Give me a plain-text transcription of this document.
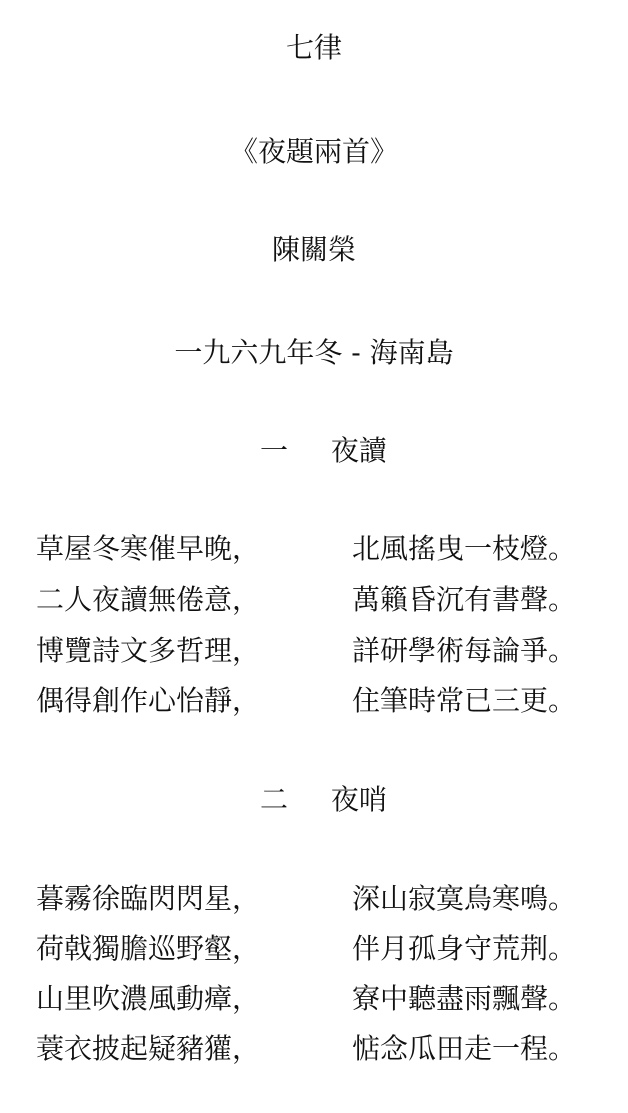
七律
《夜題兩首》
陳關榮
一九六九年冬 - 海南島
一 夜讀
草屋冬寒催早晚，	北風搖曳一枝燈。
二人夜讀無倦意，	萬籟昏沉有書聲。
博覽詩文多哲理，	詳研學術每論爭。
偶得創作心怡靜，	住筆時常已三更。
二 夜哨
暮霧徐臨閃閃星，	深山寂寞鳥寒鳴。
荷戟獨膽巡野壑，	伴月孤身守荒荆。
山里吹濃風動瘴，	寮中聽盡雨飄聲。
蓑衣披起疑豬獾，	惦念瓜田走一程。
